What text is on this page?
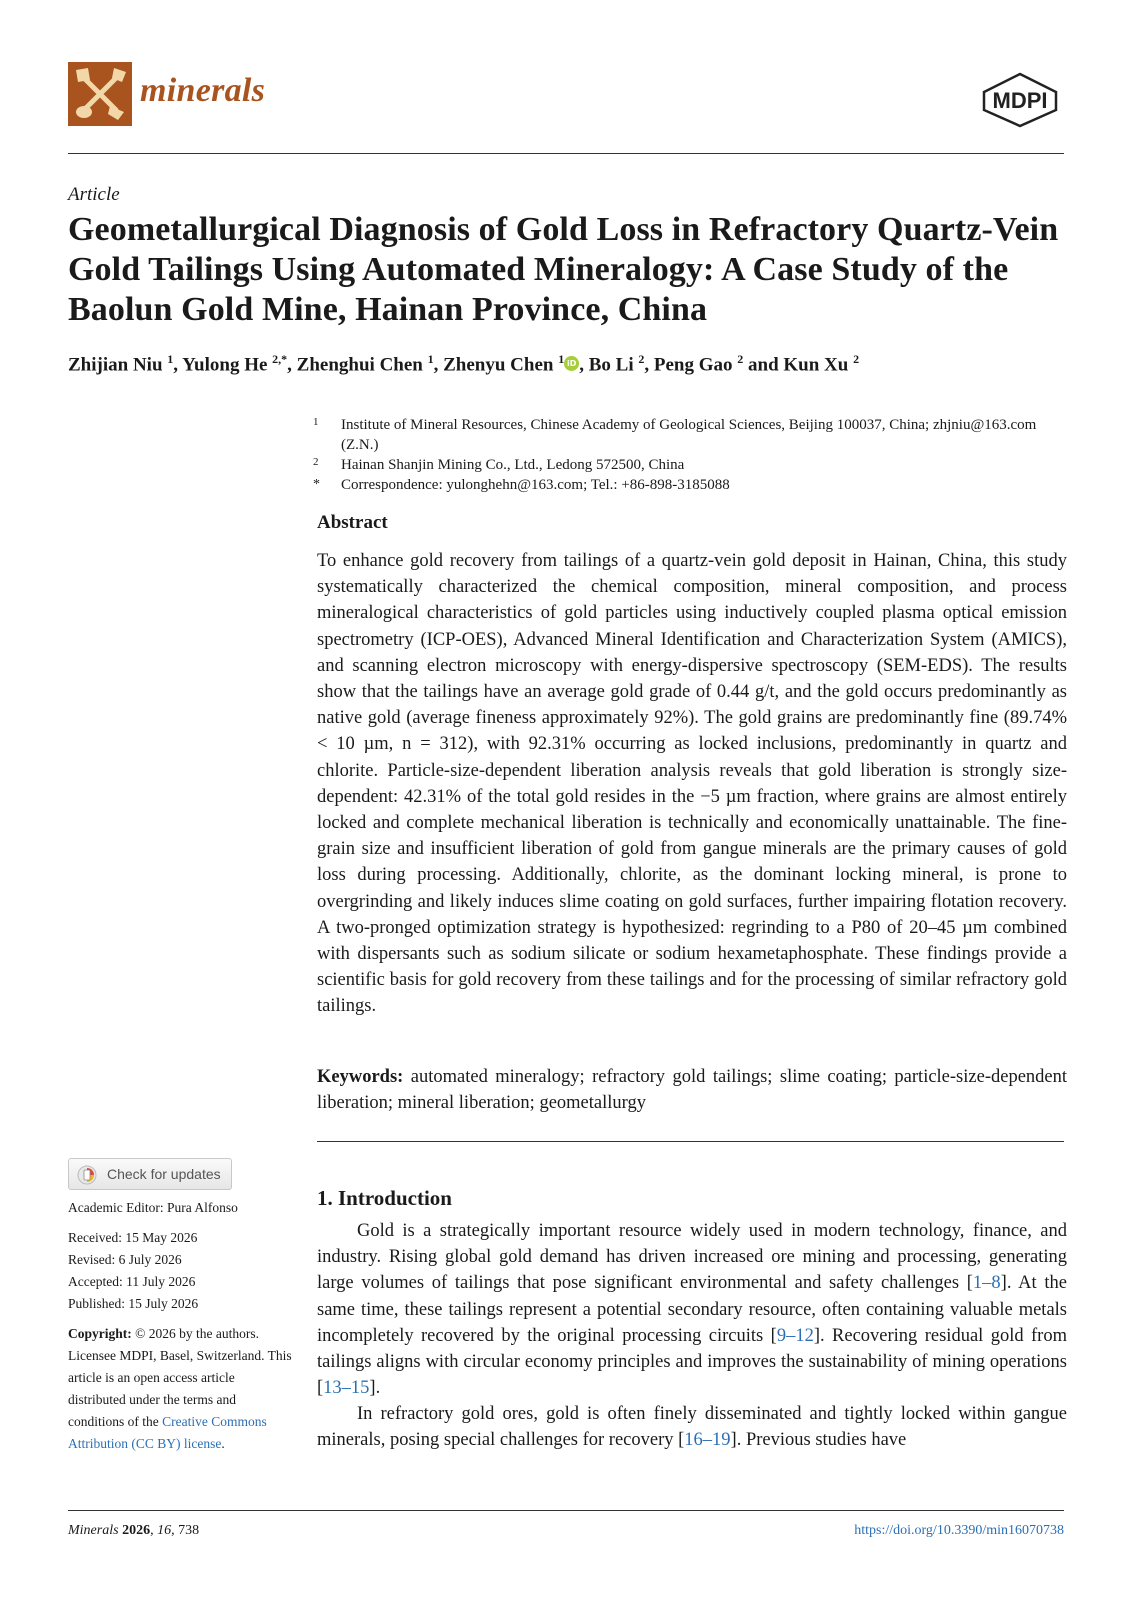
minerals	MDPI
Article
Geometallurgical Diagnosis of Gold Loss in Refractory Quartz-Vein Gold Tailings Using Automated Mineralogy: A Case Study of the Baolun Gold Mine, Hainan Province, China
Zhijian Niu $^1$, Yulong He $^{2,*}$, Zhenghui Chen $^1$, Zhenyu Chen $^1$ iD , Bo Li $^2$, Peng Gao $^2$ and Kun Xu $^2$
1 Institute of Mineral Resources, Chinese Academy of Geological Sciences, Beijing 100037, China; zhjniu@163.com (Z.N.)
2 Hainan Shanjin Mining Co., Ltd., Ledong 572500, China
* Correspondence: yulonghehn@163.com; Tel.: +86-898-3185088
Abstract

To enhance gold recovery from tailings of a quartz-vein gold deposit in Hainan, China, this study systematically characterized the chemical composition, mineral composition, and process mineralogical characteristics of gold particles using inductively coupled plasma optical emission spectrometry (ICP-OES), Advanced Mineral Identification and Characterization System (AMICS), and scanning electron microscopy with energy-dispersive spectroscopy (SEM-EDS). The results show that the tailings have an average gold grade of 0.44 g/t, and the gold occurs predominantly as native gold (average fineness approximately 92%). The gold grains are predominantly fine (89.74% < 10 µm, n = 312), with 92.31% occurring as locked inclusions, predominantly in quartz and chlorite. Particle-size-dependent liberation analysis reveals that gold liberation is strongly size-dependent: 42.31% of the total gold resides in the −5 µm fraction, where grains are almost entirely locked and complete mechanical liberation is technically and economically unattainable. The fine-grain size and insufficient liberation of gold from gangue minerals are the primary causes of gold loss during processing. Additionally, chlorite, as the dominant locking mineral, is prone to overgrinding and likely induces slime coating on gold surfaces, further impairing flotation recovery. A two-pronged optimization strategy is hypothesized: regrinding to a P80 of 20–45 µm combined with dispersants such as sodium silicate or sodium hexametaphosphate. These findings provide a scientific basis for gold recovery from these tailings and for the processing of similar refractory gold tailings.

Keywords: automated mineralogy; refractory gold tailings; slime coating; particle-size-dependent liberation; mineral liberation; geometallurgy

Check for updates
Academic Editor: Pura Alfonso
Received: 15 May 2026
Revised: 6 July 2026
Accepted: 11 July 2026
Published: 15 July 2026
Copyright: © 2026 by the authors. Licensee MDPI, Basel, Switzerland. This article is an open access article distributed under the terms and conditions of the Creative Commons Attribution (CC BY) license.
1. Introduction

Gold is a strategically important resource widely used in modern technology, finance, and industry. Rising global gold demand has driven increased ore mining and processing, generating large volumes of tailings that pose significant environmental and safety challenges [1–8]. At the same time, these tailings represent a potential secondary resource, often containing valuable metals incompletely recovered by the original processing circuits [9–12]. Recovering residual gold from tailings aligns with circular economy principles and improves the sustainability of mining operations [13–15].

In refractory gold ores, gold is often finely disseminated and tightly locked within gangue minerals, posing special challenges for recovery [16–19]. Previous studies have

Minerals 2026, 16, 738	https://doi.org/10.3390/min16070738
